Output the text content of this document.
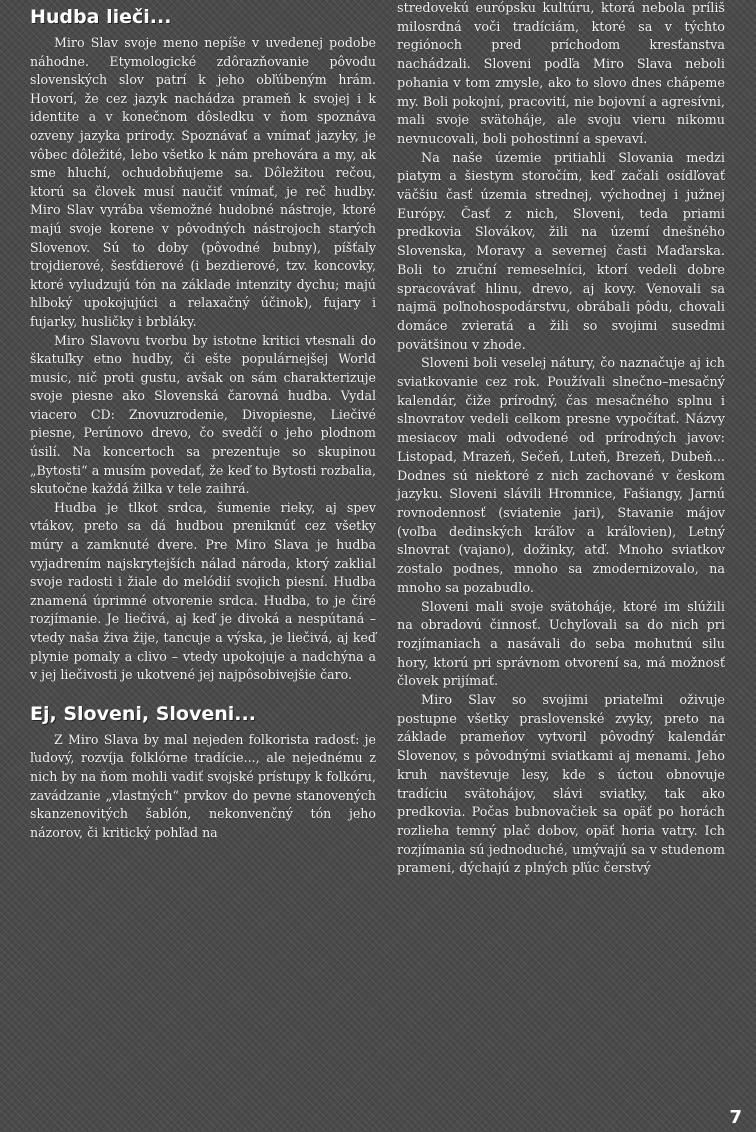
Hudba lieči...

Miro Slav svoje meno nepíše v uvedenej podobe náhodne. Etymologické zdôrazňovanie pôvodu slovenských slov patrí k jeho obľúbeným hrám. Hovorí, že cez jazyk nachádza prameň k svojej i k identite a v konečnom dôsledku v ňom spoznáva ozveny jazyka prírody. Spoznávať a vnímať jazyky, je vôbec dôležité, lebo všetko k nám prehovára a my, ak sme hluchí, ochudobňujeme sa. Dôležitou rečou, ktorú sa človek musí naučiť vnímať, je reč hudby. Miro Slav vyrába všemožné hudobné nástroje, ktoré majú svoje korene v pôvodných nástrojoch starých Slovenov. Sú to doby (pôvodné bubny), píšťaly trojdierové, šesťdierové (i bezdierové, tzv. koncovky, ktoré vyludzujú tón na základe intenzity dychu; majú hlboký upokojujúci a relaxačný účinok), fujary i fujarky, husličky i brbláky.

Miro Slavovu tvorbu by istotne kritici vtesnali do škatuľky etno hudby, či ešte populárnejšej World music, nič proti gustu, avšak on sám charakterizuje svoje piesne ako Slovenská čarovná hudba. Vydal viacero CD: Znovuzrodenie, Divopiesne, Liečivé piesne, Perúnovo drevo, čo svedčí o jeho plodnom úsilí. Na koncertoch sa prezentuje so skupinou „Bytosti“ a musím povedať, že keď to Bytosti rozbalia, skutočne každá žilka v tele zaihrá.

Hudba je tlkot srdca, šumenie rieky, aj spev vtákov, preto sa dá hudbou preniknúť cez všetky múry a zamknuté dvere. Pre Miro Slava je hudba vyjadrením najskrytejších nálad národa, ktorý zaklial svoje radosti i žiale do melódií svojich piesní. Hudba znamená úprimné otvorenie srdca. Hudba, to je čiré rozjímanie. Je liečivá, aj keď je divoká a nespútaná – vtedy naša živa žije, tancuje a výska, je liečivá, aj keď plynie pomaly a clivo – vtedy upokojuje a nadchýna a v jej liečivosti je ukotvené jej najpôsobivejšie čaro.

Ej, Sloveni, Sloveni...

Z Miro Slava by mal nejeden folkorista radosť: je ľudový, rozvíja folklórne tradície..., ale nejednému z nich by na ňom mohli vadiť svojské prístupy k folkóru, zavádzanie „vlastných“ prvkov do pevne stanovených skanzenovitých šablón, nekonvenčný tón jeho názorov, či kritický pohľad na

stredovekú európsku kultúru, ktorá nebola príliš milosrdná voči tradíciám, ktoré sa v týchto regiónoch pred príchodom kresťanstva nachádzali. Sloveni podľa Miro Slava neboli pohania v tom zmysle, ako to slovo dnes chápeme my. Boli pokojní, pracovití, nie bojovní a agresívni, mali svoje svätoháje, ale svoju vieru nikomu nevnucovali, boli pohostinní a spevaví.

Na naše územie pritiahli Slovania medzi piatym a šiestym storočím, keď začali osídľovať väčšiu časť územia strednej, východnej i južnej Európy. Časť z nich, Sloveni, teda priami predkovia Slovákov, žili na území dnešného Slovenska, Moravy a severnej časti Maďarska. Boli to zruční remeselníci, ktorí vedeli dobre spracovávať hlinu, drevo, aj kovy. Venovali sa najmä poľnohospodárstvu, obrábali pôdu, chovali domáce zvieratá a žili so svojimi susedmi povätšinou v zhode.

Sloveni boli veselej nátury, čo naznačuje aj ich sviatkovanie cez rok. Používali slnečno–mesačný kalendár, čiže prírodný, čas mesačného splnu i slnovratov vedeli celkom presne vypočítať. Názvy mesiacov mali odvodené od prírodných javov: Listopad, Mrazeň, Sečeň, Luteň, Brezeň, Dubeň... Dodnes sú niektoré z nich zachované v českom jazyku. Sloveni slávili Hromnice, Fašiangy, Jarnú rovnodennosť (sviatenie jari), Stavanie májov (voľba dedinských kráľov a kráľovien), Letný slnovrat (vajano), dožinky, atď. Mnoho sviatkov zostalo podnes, mnoho sa zmodernizovalo, na mnoho sa pozabudlo.

Sloveni mali svoje svätoháje, ktoré im slúžili na obradovú činnosť. Uchyľovali sa do nich pri rozjímaniach a nasávali do seba mohutnú silu hory, ktorú pri správnom otvorení sa, má možnosť človek prijímať.

Miro Slav so svojimi priateľmi oživuje postupne všetky praslovenské zvyky, preto na základe prameňov vytvoril pôvodný kalendár Slovenov, s pôvodnými sviatkami aj menami. Jeho kruh navštevuje lesy, kde s úctou obnovuje tradíciu svätohájov, slávi sviatky, tak ako predkovia. Počas bubnovačiek sa opäť po horách rozlieha temný plač dobov, opäť horia vatry. Ich rozjímania sú jednoduché, umývajú sa v studenom prameni, dýchajú z plných pľúc čerstvý

7
